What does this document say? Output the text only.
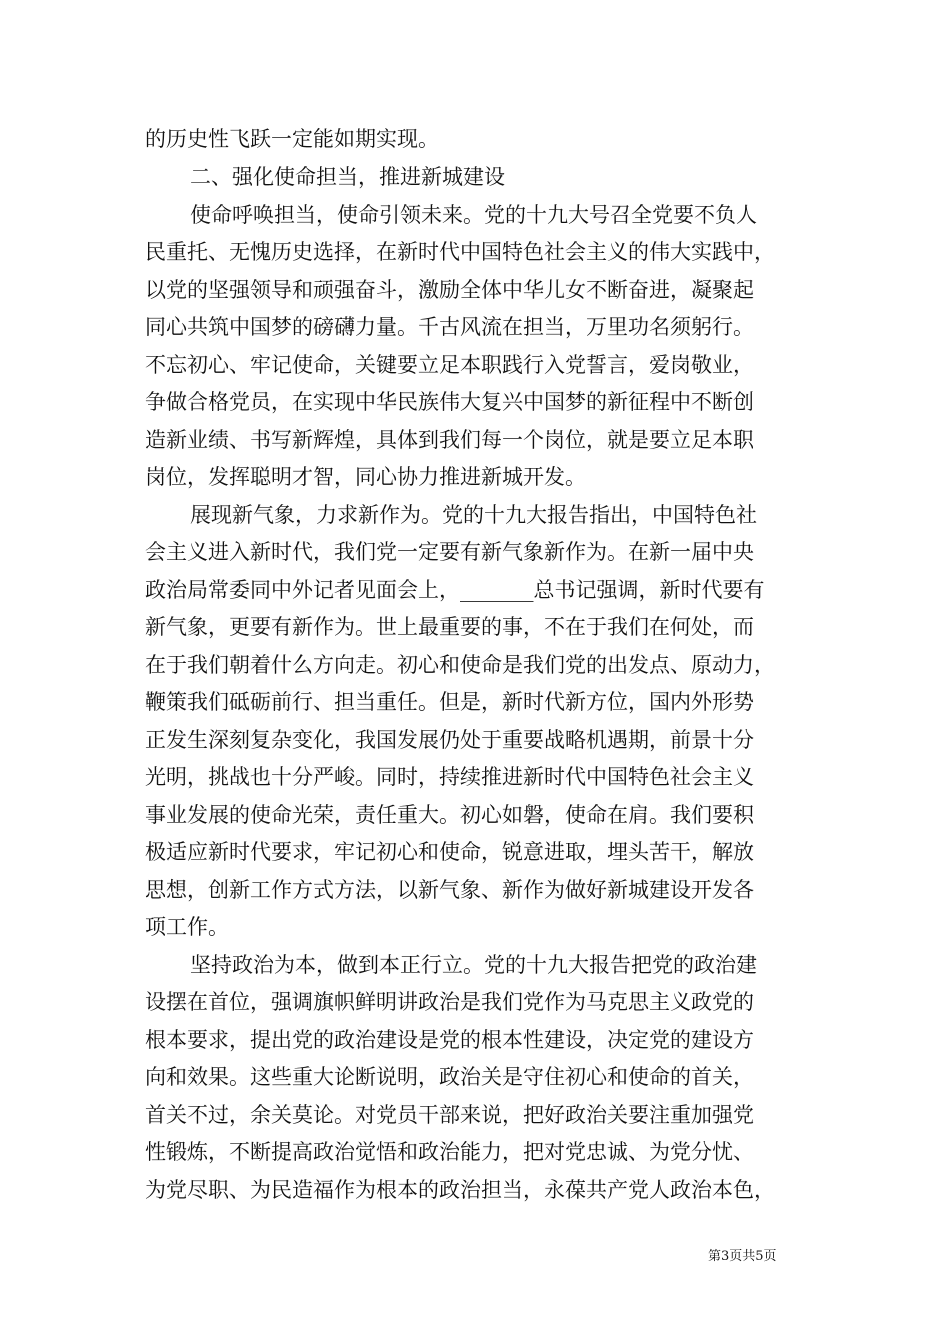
的历史性飞跃一定能如期实现。
二、强化使命担当，推进新城建设
使命呼唤担当，使命引领未来。党的十九大号召全党要不负人
民重托、无愧历史选择，在新时代中国特色社会主义的伟大实践中，
以党的坚强领导和顽强奋斗，激励全体中华儿女不断奋进，凝聚起
同心共筑中国梦的磅礴力量。千古风流在担当，万里功名须躬行。
不忘初心、牢记使命，关键要立足本职践行入党誓言，爱岗敬业，
争做合格党员，在实现中华民族伟大复兴中国梦的新征程中不断创
造新业绩、书写新辉煌，具体到我们每一个岗位，就是要立足本职
岗位，发挥聪明才智，同心协力推进新城开发。
展现新气象，力求新作为。党的十九大报告指出，中国特色社
会主义进入新时代，我们党一定要有新气象新作为。在新一届中央
政治局常委同中外记者见面会上，_______总书记强调，新时代要有
新气象，更要有新作为。世上最重要的事，不在于我们在何处，而
在于我们朝着什么方向走。初心和使命是我们党的出发点、原动力，
鞭策我们砥砺前行、担当重任。但是，新时代新方位，国内外形势
正发生深刻复杂变化，我国发展仍处于重要战略机遇期，前景十分
光明，挑战也十分严峻。同时，持续推进新时代中国特色社会主义
事业发展的使命光荣，责任重大。初心如磐，使命在肩。我们要积
极适应新时代要求，牢记初心和使命，锐意进取，埋头苦干，解放
思想，创新工作方式方法，以新气象、新作为做好新城建设开发各
项工作。
坚持政治为本，做到本正行立。党的十九大报告把党的政治建
设摆在首位，强调旗帜鲜明讲政治是我们党作为马克思主义政党的
根本要求，提出党的政治建设是党的根本性建设，决定党的建设方
向和效果。这些重大论断说明，政治关是守住初心和使命的首关，
首关不过，余关莫论。对党员干部来说，把好政治关要注重加强党
性锻炼，不断提高政治觉悟和政治能力，把对党忠诚、为党分忧、
为党尽职、为民造福作为根本的政治担当，永葆共产党人政治本色，
第3页共5页
